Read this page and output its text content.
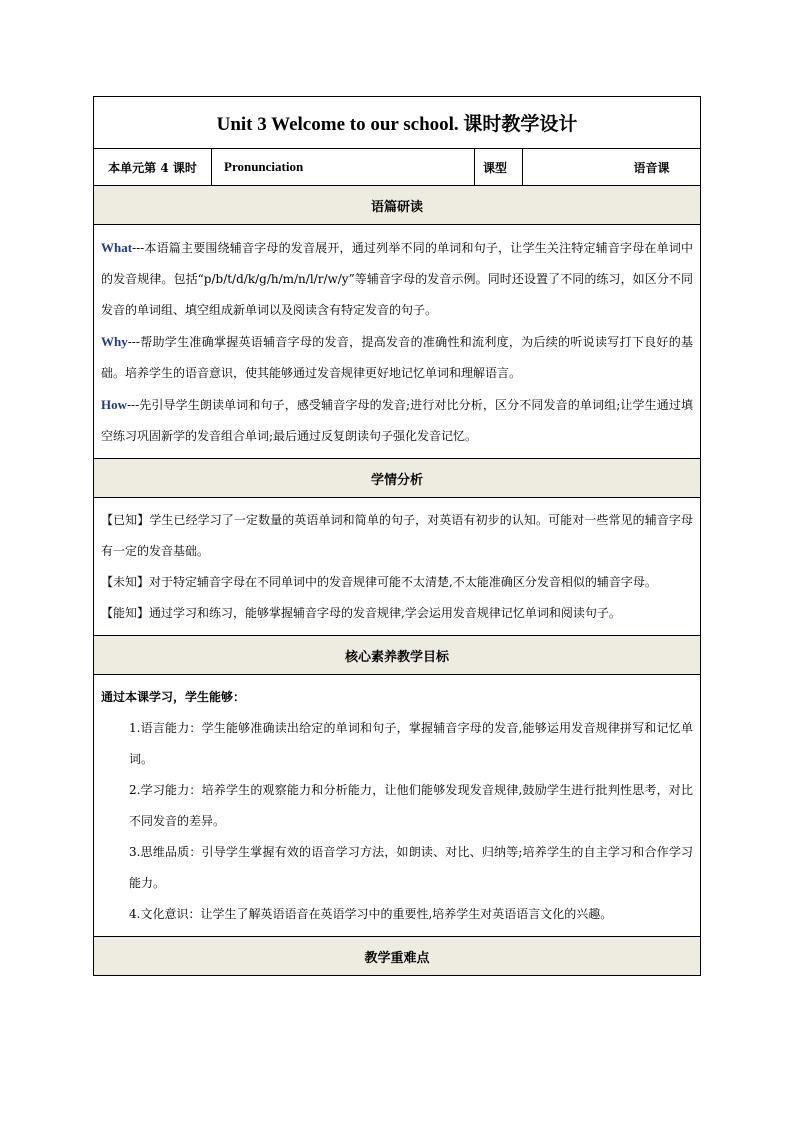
Unit 3 Welcome to our school. 课时教学设计
本单元第 4 课时	Pronunciation	课型	语音课
语篇研读

What---本语篇主要围绕辅音字母的发音展开，通过列举不同的单词和句子，让学生关注特定辅音字母在单词中的发音规律。包括“p/b/t/d/k/g/h/m/n/l/r/w/y”等辅音字母的发音示例。同时还设置了不同的练习，如区分不同发音的单词组、填空组成新单词以及阅读含有特定发音的句子。

Why---帮助学生准确掌握英语辅音字母的发音，提高发音的准确性和流利度，为后续的听说读写打下良好的基础。培养学生的语音意识，使其能够通过发音规律更好地记忆单词和理解语言。

How---先引导学生朗读单词和句子，感受辅音字母的发音;进行对比分析，区分不同发音的单词组;让学生通过填空练习巩固新学的发音组合单词;最后通过反复朗读句子强化发音记忆。

学情分析

【已知】学生已经学习了一定数量的英语单词和简单的句子，对英语有初步的认知。可能对一些常见的辅音字母有一定的发音基础。

【未知】对于特定辅音字母在不同单词中的发音规律可能不太清楚,不太能准确区分发音相似的辅音字母。

【能知】通过学习和练习，能够掌握辅音字母的发音规律,学会运用发音规律记忆单词和阅读句子。

核心素养教学目标

通过本课学习，学生能够：

1.语言能力：学生能够准确读出给定的单词和句子，掌握辅音字母的发音,能够运用发音规律拼写和记忆单词。

2.学习能力：培养学生的观察能力和分析能力，让他们能够发现发音规律,鼓励学生进行批判性思考，对比不同发音的差异。

3.思维品质：引导学生掌握有效的语音学习方法，如朗读、对比、归纳等;培养学生的自主学习和合作学习能力。

4.文化意识：让学生了解英语语音在英语学习中的重要性,培养学生对英语语言文化的兴趣。

教学重难点
